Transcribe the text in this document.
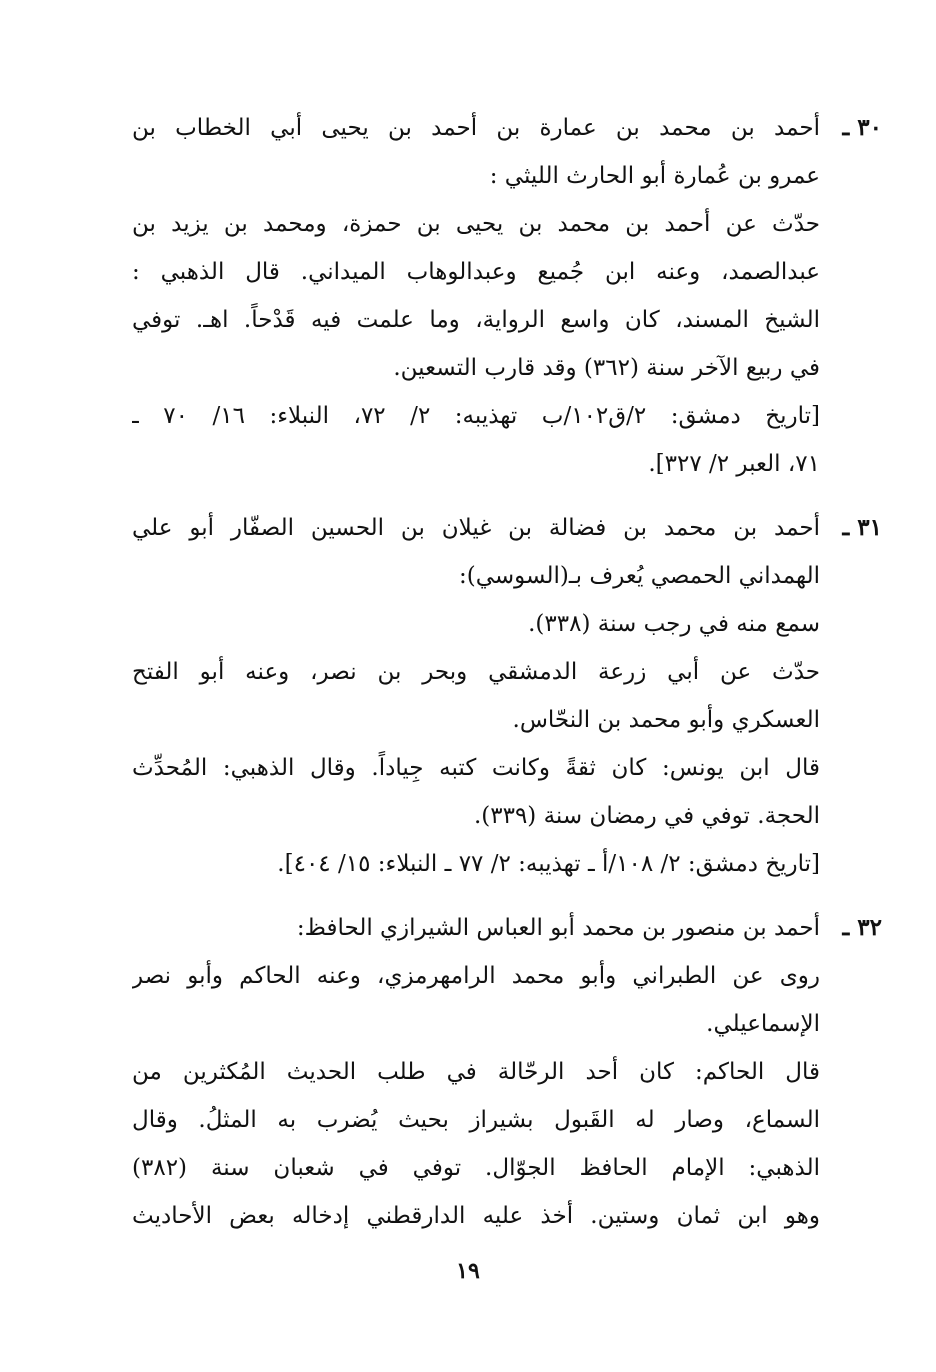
٣٠ ـ
أحمد بن محمد بن عمارة بن أحمد بن يحيى أبي الخطاب بن
عمرو بن عُمارة أبو الحارث الليثي :
حدّث عن أحمد بن محمد بن يحيى بن حمزة، ومحمد بن يزيد بن
عبدالصمد، وعنه ابن جُميع وعبدالوهاب الميداني. قال الذهبي :
الشيخ المسند، كان واسع الرواية، وما علمت فيه قَدْحاً. اهـ. توفي
في ربيع الآخر سنة (٣٦٢) وقد قارب التسعين.
[تاريخ دمشق: ٢/ق١٠٢/ب تهذيبه: ٢/ ٧٢، النبلاء: ١٦/ ٧٠ ـ
٧١، العبر ٢/ ٣٢٧].
٣١ ـ
أحمد بن محمد بن فضالة بن غيلان بن الحسين الصفّار أبو علي
الهمداني الحمصي يُعرف بـ(السوسي):
سمع منه في رجب سنة (٣٣٨).
حدّث عن أبي زرعة الدمشقي وبحر بن نصر، وعنه أبو الفتح
العسكري وأبو محمد بن النحّاس.
قال ابن يونس: كان ثقةً وكانت كتبه جِياداً. وقال الذهبي: المُحدِّث
الحجة. توفي في رمضان سنة (٣٣٩).
[تاريخ دمشق: ٢/ ١٠٨/أ ـ تهذيبه: ٢/ ٧٧ ـ النبلاء: ١٥/ ٤٠٤].
٣٢ ـ
أحمد بن منصور بن محمد أبو العباس الشيرازي الحافظ:
روى عن الطبراني وأبو محمد الرامهرمزي، وعنه الحاكم وأبو نصر
الإسماعيلي.
قال الحاكم: كان أحد الرحّالة في طلب الحديث المُكثرين من
السماع، وصار له القَبول بشيراز بحيث يُضرب به المثلُ. وقال
الذهبي: الإمام الحافظ الجوّال. توفي في شعبان سنة (٣٨٢)
وهو ابن ثمان وستين. أخذ عليه الدارقطني إدخاله بعض الأحاديث
١٩
